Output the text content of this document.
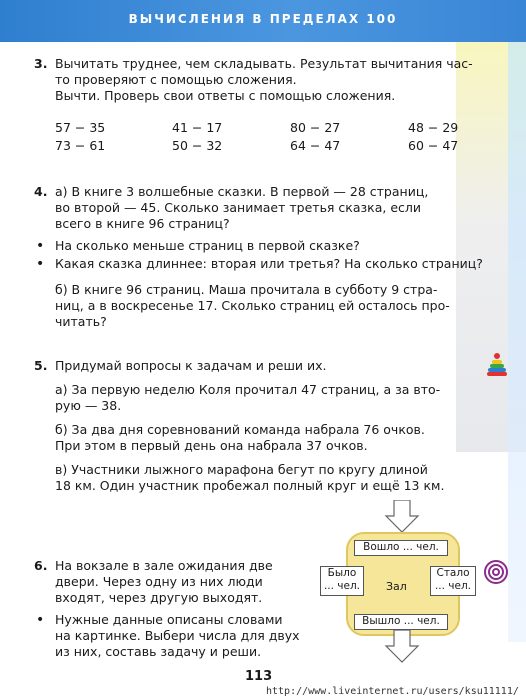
ВЫЧИСЛЕНИЯ В ПРЕДЕЛАХ 100
3. Вычитать труднее, чем складывать. Результат вычитания час-
то проверяют с помощью сложения.
Вычти. Проверь свои ответы с помощью сложения.
57 − 35	41 − 17	80 − 27	48 − 29
73 − 61	50 − 32	64 − 47	60 − 47
4. а) В книге 3 волшебные сказки. В первой — 28 страниц,
во второй — 45. Сколько занимает третья сказка, если
всего в книге 96 страниц?
• На сколько меньше страниц в первой сказке?
• Какая сказка длиннее: вторая или третья? На сколько страниц?
б) В книге 96 страниц. Маша прочитала в субботу 9 стра-
ниц, а в воскресенье 17. Сколько страниц ей осталось про-
читать?
5. Придумай вопросы к задачам и реши их.
а) За первую неделю Коля прочитал 47 страниц, а за вто-
рую — 38.
б) За два дня соревнований команда набрала 76 очков.
При этом в первый день она набрала 37 очков.
в) Участники лыжного марафона бегут по кругу длиной
18 км. Один участник пробежал полный круг и ещё 13 км.
6. На вокзале в зале ожидания две
двери. Через одну из них люди
входят, через другую выходят.
• Нужные данные описаны словами
на картинке. Выбери числа для двух
из них, составь задачу и реши.
Вошло ... чел.
Было
... чел. Зал
Стало
... чел.
Вышло ... чел.
113
http://www.liveinternet.ru/users/ksu11111/
